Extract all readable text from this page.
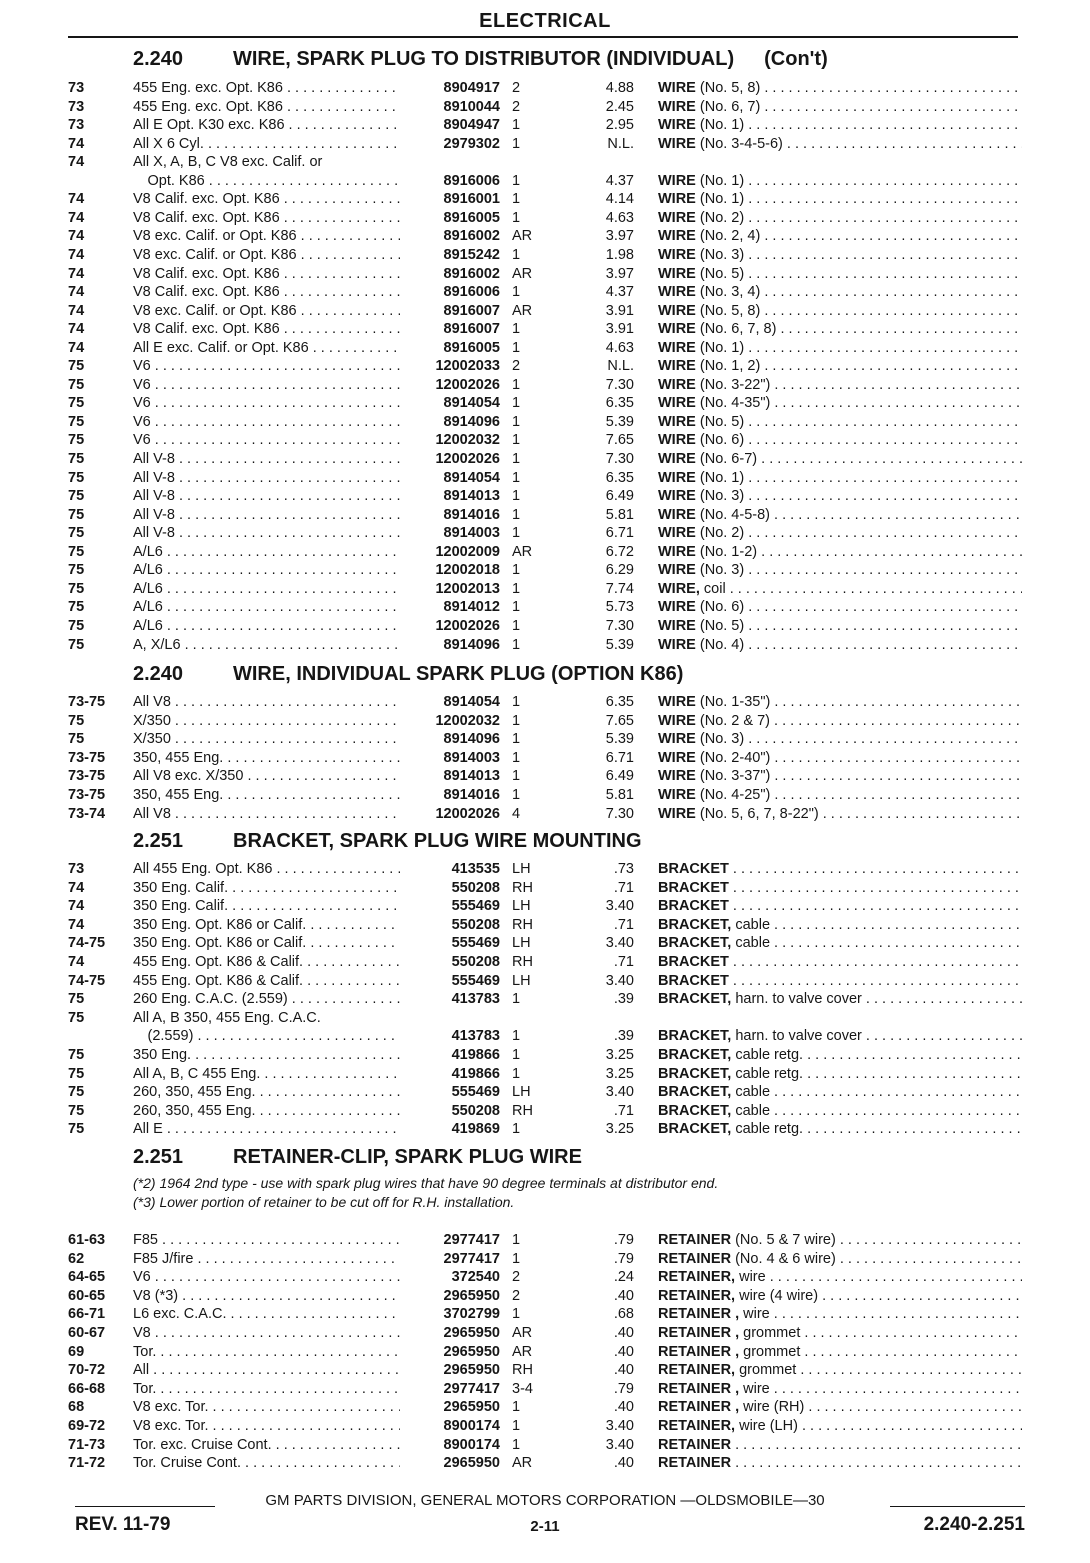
ELECTRICAL
2.240 WIRE, SPARK PLUG TO DISTRIBUTOR (INDIVIDUAL) (Con't)
73	455 Eng. exc. Opt. K86 . . .	8904917 2	4.88 WIRE (No. 5, 8) . . .
73	455 Eng. exc. Opt. K86 . . .	8910044 2	2.45 WIRE (No. 6, 7) . . .
73	All E Opt. K30 exc. K86 . . .	8904947 1	2.95 WIRE (No. 1) . . .
74	All X 6 Cyl. . . .	2979302 1	N.L. WIRE (No. 3-4-5-6) . . .
74	All X, A, B, C V8 exc. Calif. or
 Opt. K86 . . .	8916006 1	4.37 WIRE (No. 1) . . .
74	V8 Calif. exc. Opt. K86 . . .	8916001 1	4.14 WIRE (No. 1) . . .
74	V8 Calif. exc. Opt. K86 . . .	8916005 1	4.63 WIRE (No. 2) . . .
74	V8 exc. Calif. or Opt. K86 . . .	8916002 AR	3.97 WIRE (No. 2, 4) . . .
74	V8 exc. Calif. or Opt. K86 . . .	8915242 1	1.98 WIRE (No. 3) . . .
74	V8 Calif. exc. Opt. K86 . . .	8916002 AR	3.97 WIRE (No. 5) . . .
74	V8 Calif. exc. Opt. K86 . . .	8916006 1	4.37 WIRE (No. 3, 4) . . .
74	V8 exc. Calif. or Opt. K86 . . .	8916007 AR	3.91 WIRE (No. 5, 8) . . .
74	V8 Calif. exc. Opt. K86 . . .	8916007 1	3.91 WIRE (No. 6, 7, 8) . . .
74	All E exc. Calif. or Opt. K86 . . .	8916005 1	4.63 WIRE (No. 1) . . .
75	V6 . . .	12002033 2	N.L. WIRE (No. 1, 2) . . .
75	V6 . . .	12002026 1	7.30 WIRE (No. 3-22") . . .
75	V6 . . .	8914054 1	6.35 WIRE (No. 4-35") . . .
75	V6 . . .	8914096 1	5.39 WIRE (No. 5) . . .
75	V6 . . .	12002032 1	7.65 WIRE (No. 6) . . .
75	All V-8 . . .	12002026 1	7.30 WIRE (No. 6-7) . . .
75	All V-8 . . .	8914054 1	6.35 WIRE (No. 1) . . .
75	All V-8 . . .	8914013 1	6.49 WIRE (No. 3) . . .
75	All V-8 . . .	8914016 1	5.81 WIRE (No. 4-5-8) . . .
75	All V-8 . . .	8914003 1	6.71 WIRE (No. 2) . . .
75	A/L6 . . .	12002009 AR	6.72 WIRE (No. 1-2) . . .
75	A/L6 . . .	12002018 1	6.29 WIRE (No. 3) . . .
75	A/L6 . . .	12002013 1	7.74 WIRE, coil . . .
75	A/L6 . . .	8914012 1	5.73 WIRE (No. 6) . . .
75	A/L6 . . .	12002026 1	7.30 WIRE (No. 5) . . .
75	A, X/L6 . . .	8914096 1	5.39 WIRE (No. 4) . . .
2.240 WIRE, INDIVIDUAL SPARK PLUG (OPTION K86)
73-75	All V8 . . .	8914054 1	6.35 WIRE (No. 1-35") . . .
75	X/350 . . .	12002032 1	7.65 WIRE (No. 2 & 7) . . .
75	X/350 . . .	8914096 1	5.39 WIRE (No. 3) . . .
73-75	350, 455 Eng. . . .	8914003 1	6.71 WIRE (No. 2-40") . . .
73-75	All V8 exc. X/350 . . .	8914013 1	6.49 WIRE (No. 3-37") . . .
73-75	350, 455 Eng. . . .	8914016 1	5.81 WIRE (No. 4-25") . . .
73-74	All V8 . . .	12002026 4	7.30 WIRE (No. 5, 6, 7, 8-22") . . .
2.251 BRACKET, SPARK PLUG WIRE MOUNTING
73	All 455 Eng. Opt. K86 . . .	413535 LH	.73 BRACKET . . .
74	350 Eng. Calif. . . .	550208 RH	.71 BRACKET . . .
74	350 Eng. Calif. . . .	555469 LH	3.40 BRACKET . . .
74	350 Eng. Opt. K86 or Calif. . . .	550208 RH	.71 BRACKET, cable . . .
74-75	350 Eng. Opt. K86 or Calif. . . .	555469 LH	3.40 BRACKET, cable . . .
74	455 Eng. Opt. K86 & Calif. . . .	550208 RH	.71 BRACKET . . .
74-75	455 Eng. Opt. K86 & Calif. . . .	555469 LH	3.40 BRACKET . . .
75	260 Eng. C.A.C. (2.559) . . .	413783 1	.39 BRACKET, harn. to valve cover . . .
75	All A, B 350, 455 Eng. C.A.C.
 (2.559) . . .	413783 1	.39 BRACKET, harn. to valve cover . . .
75	350 Eng. . . .	419866 1	3.25 BRACKET, cable retg. . . .
75	All A, B, C 455 Eng. . . .	419866 1	3.25 BRACKET, cable retg. . . .
75	260, 350, 455 Eng. . . .	555469 LH	3.40 BRACKET, cable . . .
75	260, 350, 455 Eng. . . .	550208 RH	.71 BRACKET, cable . . .
75	All E . . .	419869 1	3.25 BRACKET, cable retg. . . .
2.251 RETAINER-CLIP, SPARK PLUG WIRE
(*2) 1964 2nd type - use with spark plug wires that have 90 degree terminals at distributor end.
(*3) Lower portion of retainer to be cut off for R.H. installation.
61-63	F85 . . .	2977417 1	.79 RETAINER (No. 5 & 7 wire) . . .
62	F85 J/fire . . .	2977417 1	.79 RETAINER (No. 4 & 6 wire) . . .
64-65	V6 . . .	372540 2	.24 RETAINER, wire . . .
60-65	V8 (*3) . . .	2965950 2	.40 RETAINER, wire (4 wire) . . .
66-71	L6 exc. C.A.C. . . .	3702799 1	.68 RETAINER , wire . . .
60-67	V8 . . .	2965950 AR	.40 RETAINER , grommet . . .
69	Tor. . . .	2965950 AR	.40 RETAINER , grommet . . .
70-72	All . . .	2965950 RH	.40 RETAINER, grommet . . .
66-68	Tor. . . .	2977417 3-4	.79 RETAINER , wire . . .
68	V8 exc. Tor. . . .	2965950 1	.40 RETAINER , wire (RH) . . .
69-72	V8 exc. Tor. . . .	8900174 1	3.40 RETAINER, wire (LH) . . .
71-73	Tor. exc. Cruise Cont. . . .	8900174 1	3.40 RETAINER . . .
71-72	Tor. Cruise Cont. . . .	2965950 AR	.40 RETAINER . . .
GM PARTS DIVISION, GENERAL MOTORS CORPORATION —OLDSMOBILE—30
REV. 11-79	2-11	2.240-2.251
